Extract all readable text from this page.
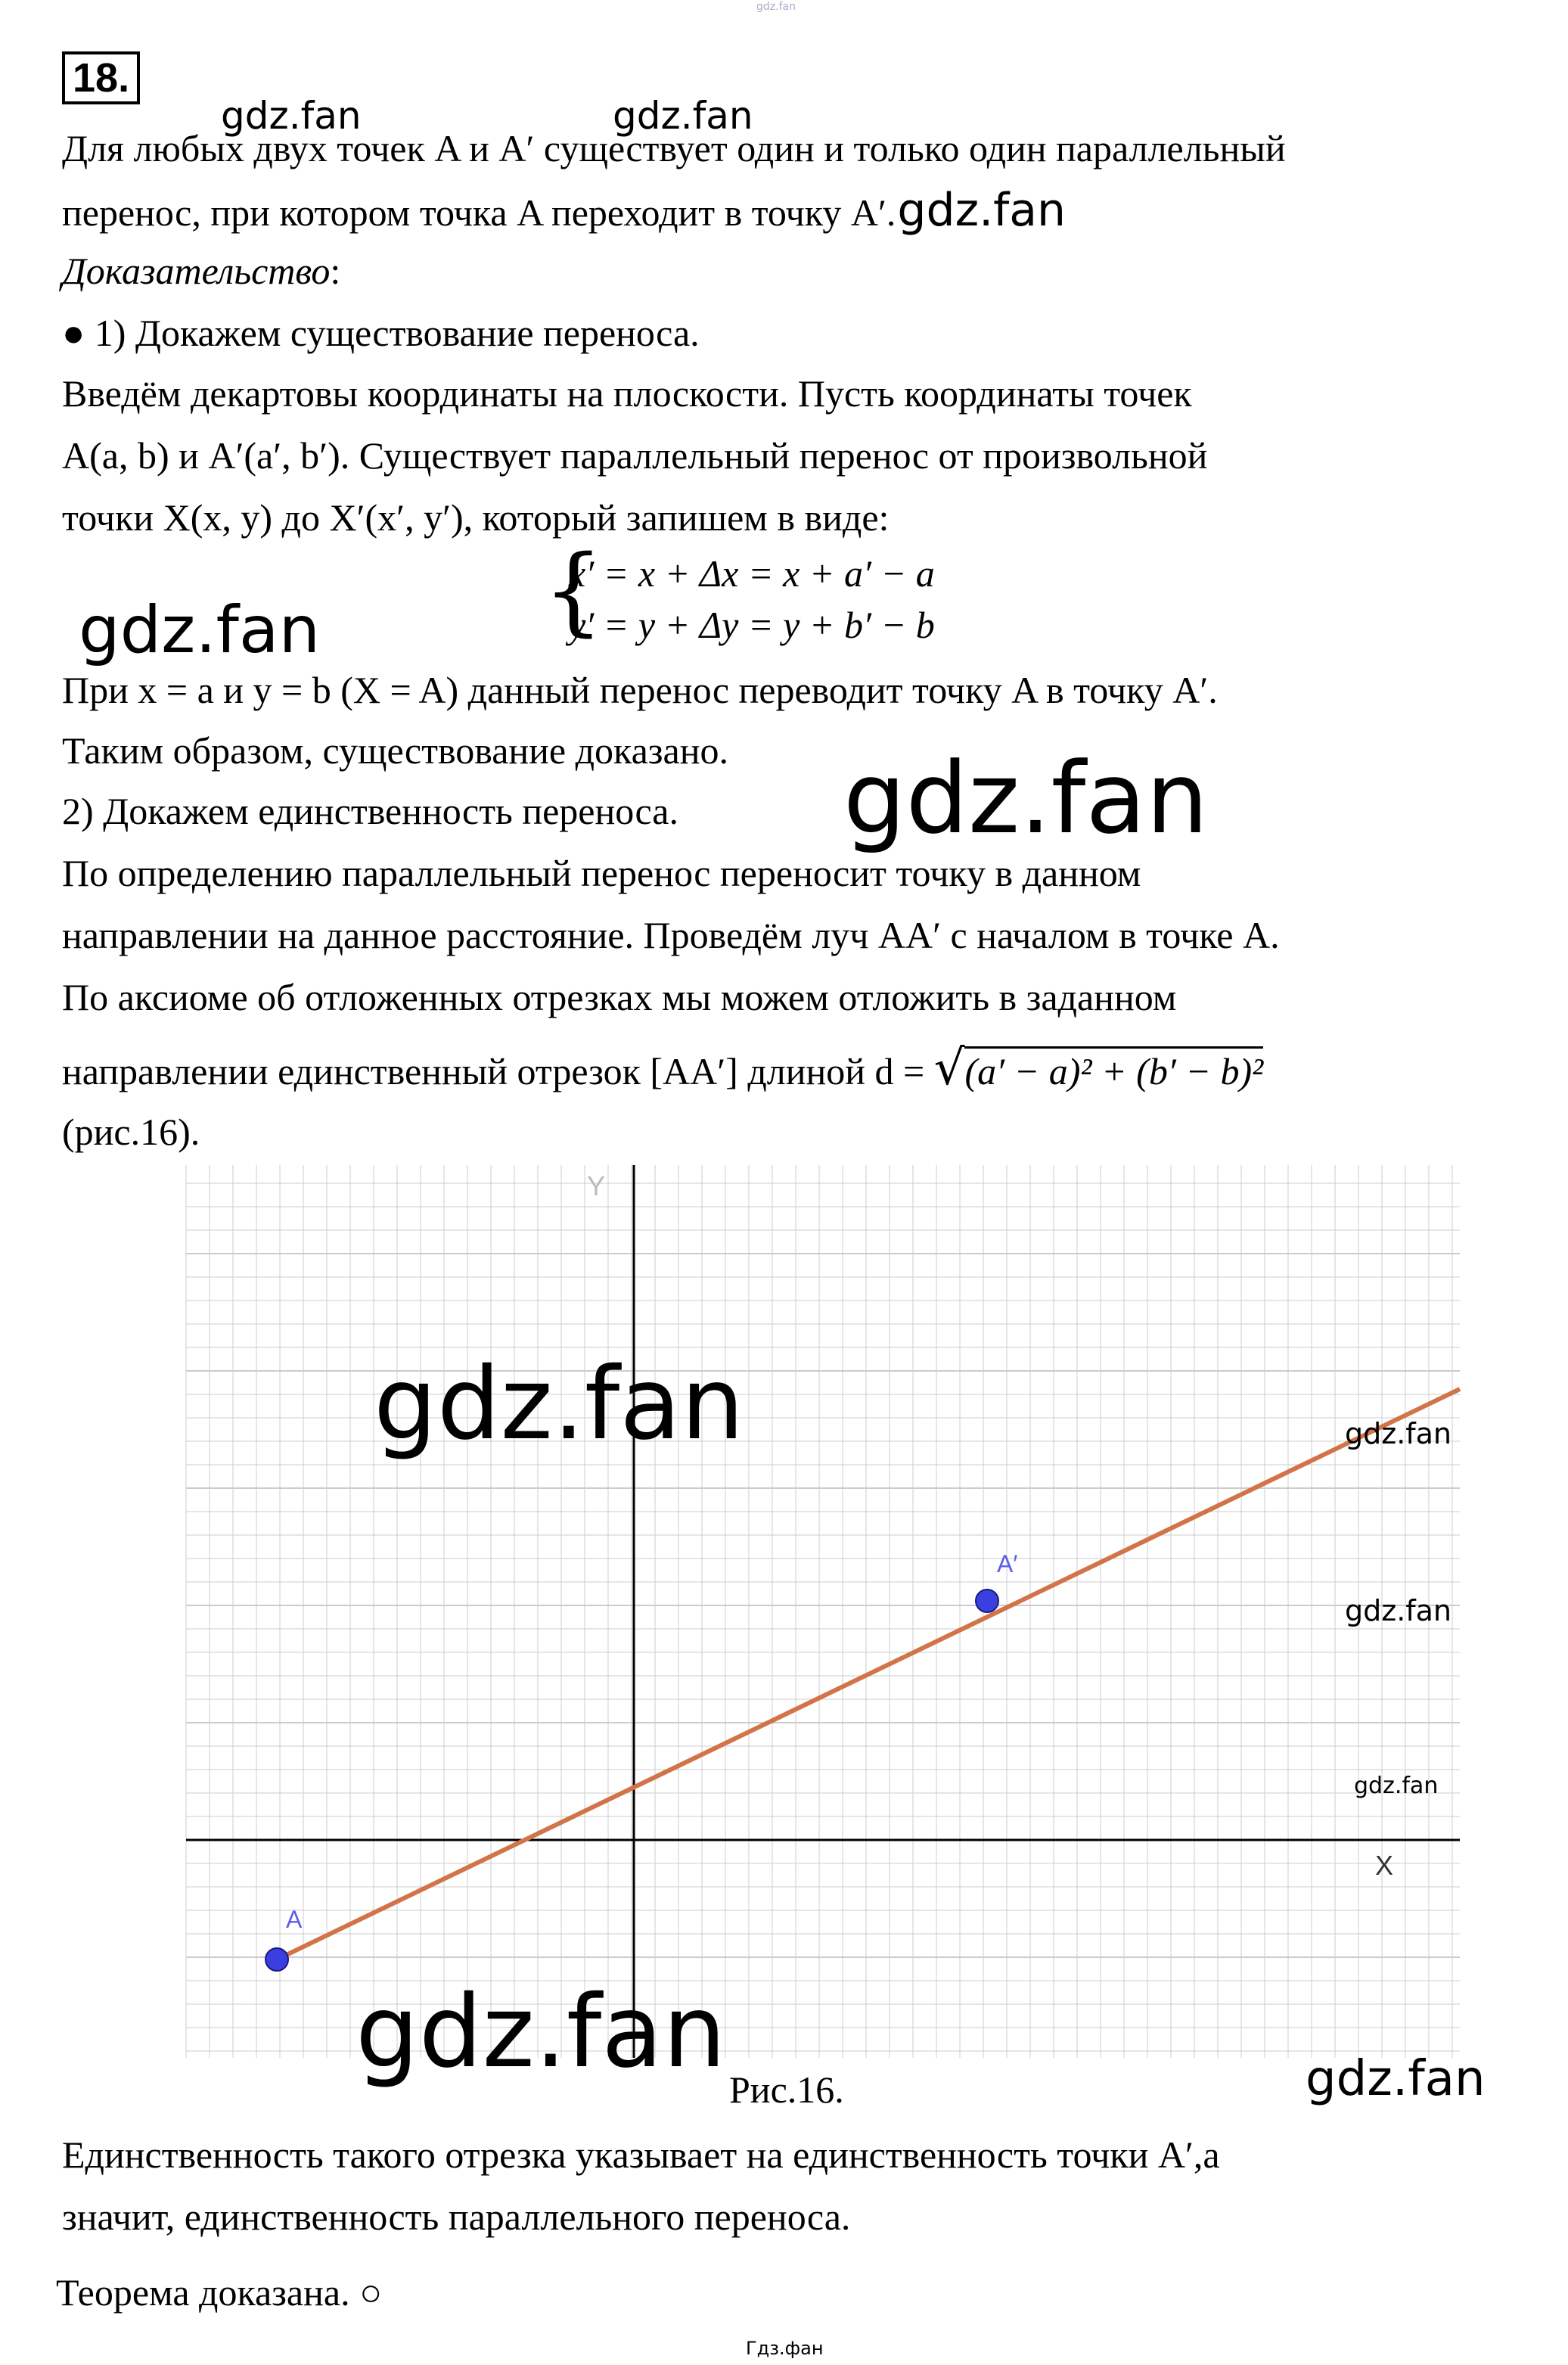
gdz.fan
18.
gdz.fan	gdz.fan
Для любых двух точек A и A′ существует один и только один параллельный
перенос, при котором точка A переходит в точку A′.gdz.fan
Доказательство:
● 1) Докажем существование переноса.
Введём декартовы координаты на плоскости. Пусть координаты точек
A(a, b) и A′(a′, b′). Существует параллельный перенос от произвольной
точки X(x, y) до X′(x′, y′), который запишем в виде:
{
x′ = x + Δx = x + a′ − a
y′ = y + Δy = y + b′ − b
gdz.fan
При x = a и y = b (X = A) данный перенос переводит точку A в точку A′.
Таким образом, существование доказано.
2) Докажем единственность переноса. gdz.fan
По определению параллельный перенос переносит точку в данном
направлении на данное расстояние. Проведём луч AA′ с началом в точке A.
По аксиоме об отложенных отрезках мы можем отложить в заданном
направлении единственный отрезок [AA′] длиной d = √(a′ − a)² + (b′ − b)²
(рис.16).
A
A′
X
Y
gdz.fan	gdz.fan
gdz.fan
gdz.fan
gdz.fan	gdz.fan
Рис.16.
Единственность такого отрезка указывает на единственность точки A′,а
значит, единственность параллельного переноса.
Теорема доказана. ○
Гдз.фан
